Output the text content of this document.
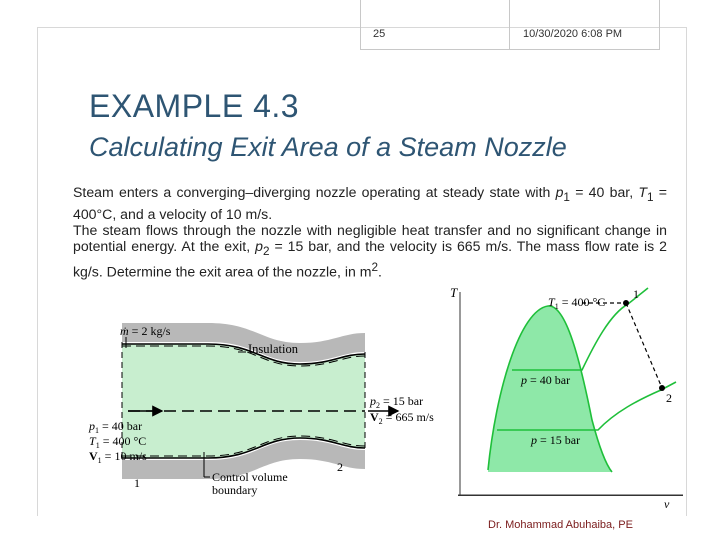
25	10/30/2020 6:08 PM
EXAMPLE 4.3
Calculating Exit Area of a Steam Nozzle

Steam enters a converging–diverging nozzle operating at steady state with $p_1 = 40$ bar, $T_1 = 400^\circ C$, and a velocity of 10 m/s.

The steam flows through the nozzle with negligible heat transfer and no significant change in potential energy. At the exit, $p_2 = 15$ bar, and the velocity is 665 m/s. The mass flow rate is 2 kg/s. Determine the exit area of the nozzle, in $m^2$.

ṁ = 2 kg/s
Insulation
$p_1 = 40$ bar
$T_1 = 400$ °C
$V_1 = 10$ m/s
$p_2 = 15$ bar
$V_2 = 665$ m/s
Control volume
boundary
1
2
T
v
$T_1 = 400$ °C
p = 40 bar
p = 15 bar
1
2
Dr. Mohammad Abuhaiba, PE
